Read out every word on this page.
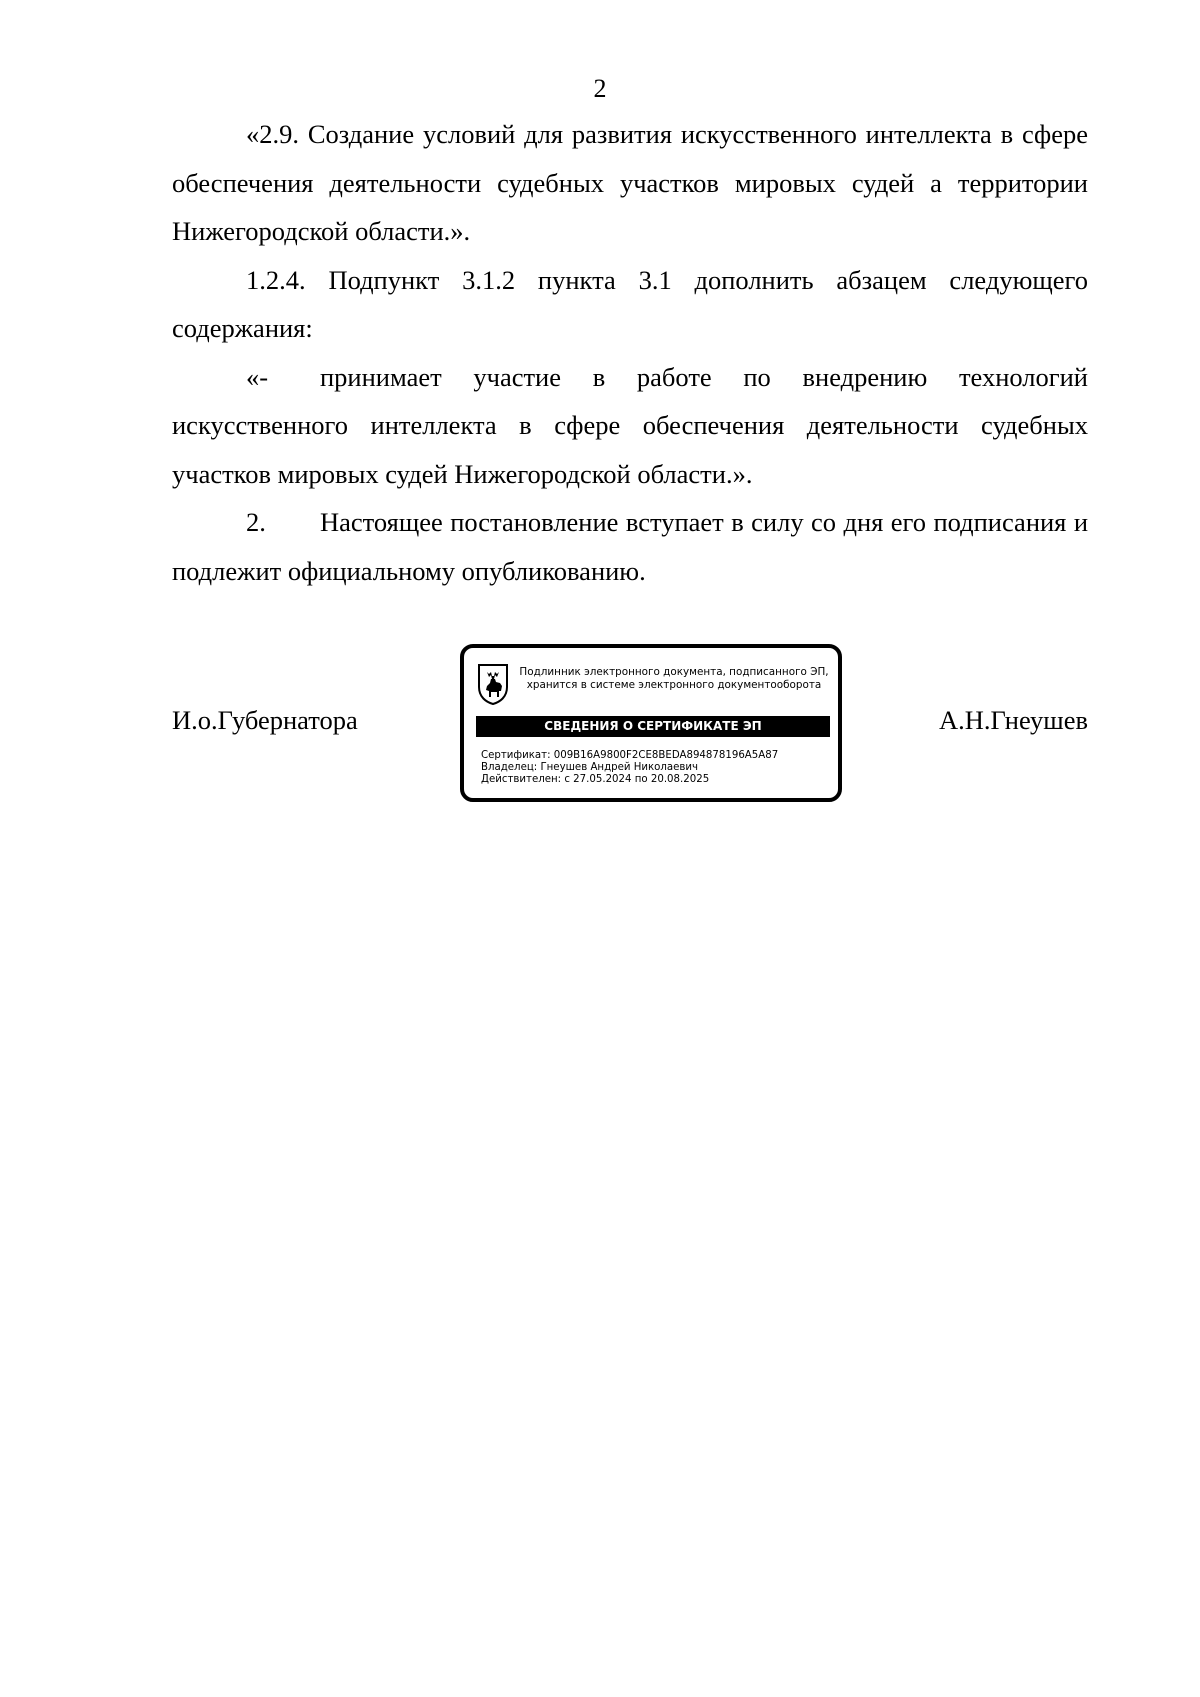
2

«2.9. Создание условий для развития искусственного интеллекта в сфере обеспечения деятельности судебных участков мировых судей а территории Нижегородской области.».

1.2.4. Подпункт 3.1.2 пункта 3.1 дополнить абзацем следующего содержания:

«- принимает участие в работе по внедрению технологий искусственного интеллекта в сфере обеспечения деятельности судебных участков мировых судей Нижегородской области.».

2. Настоящее постановление вступает в силу со дня его подписания и подлежит официальному опубликованию.

И.о.Губернатора	А.Н.Гнеушев
Подлинник электронного документа, подписанного ЭП,
хранится в системе электронного документооборота
СВЕДЕНИЯ О СЕРТИФИКАТЕ ЭП
Сертификат: 009B16A9800F2CE8BEDA894878196A5A87
Владелец: Гнеушев Андрей Николаевич
Действителен: с 27.05.2024 по 20.08.2025
